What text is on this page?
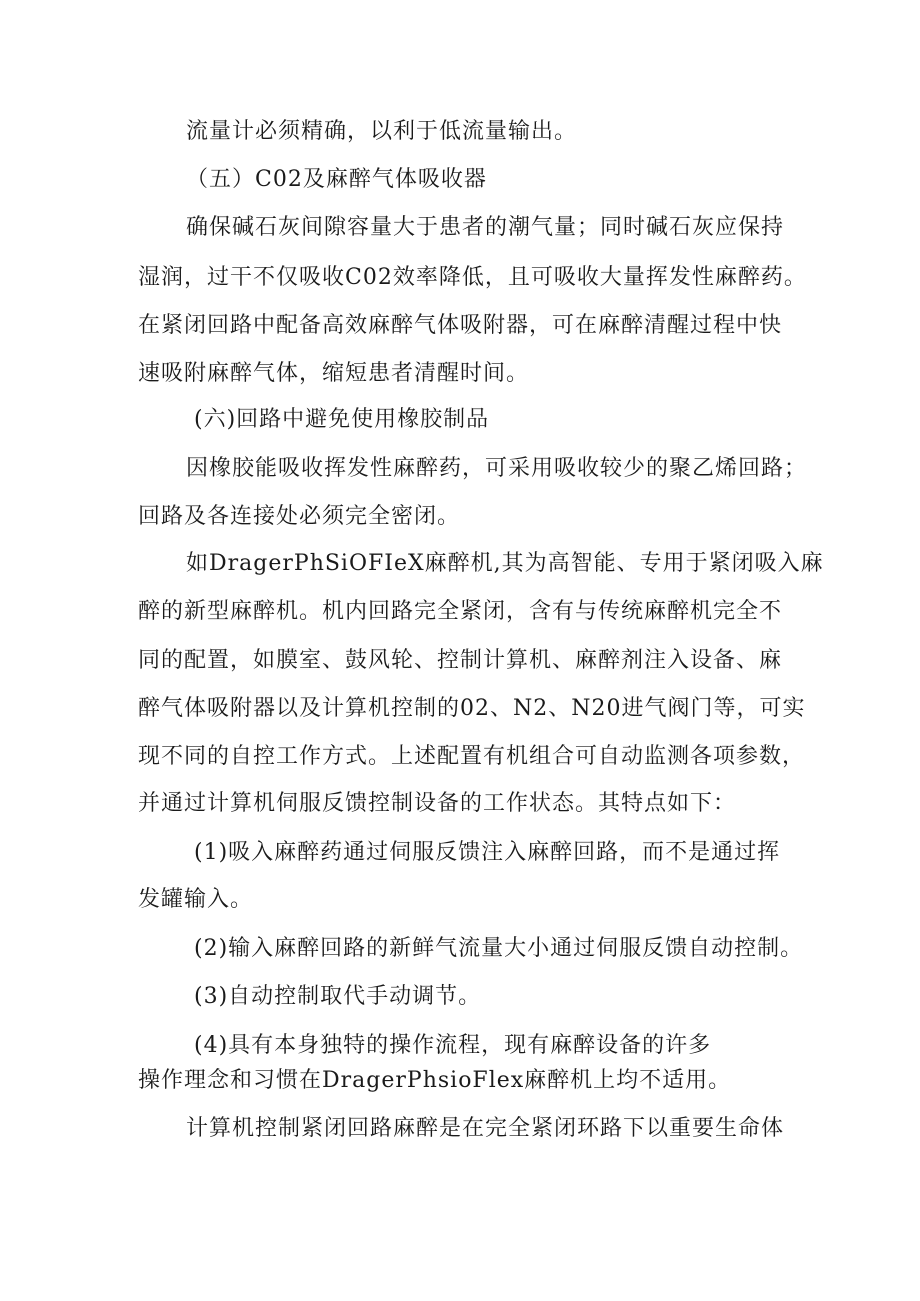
流量计必须精确，以利于低流量输出。
（五）C02及麻醉气体吸收器
确保碱石灰间隙容量大于患者的潮气量；同时碱石灰应保持
湿润，过干不仅吸收C02效率降低，且可吸收大量挥发性麻醉药。
在紧闭回路中配备高效麻醉气体吸附器，可在麻醉清醒过程中快
速吸附麻醉气体，缩短患者清醒时间。
(六)回路中避免使用橡胶制品
因橡胶能吸收挥发性麻醉药，可采用吸收较少的聚乙烯回路；
回路及各连接处必须完全密闭。
如DragerPhSiOFIeX麻醉机,其为高智能、专用于紧闭吸入麻
醉的新型麻醉机。机内回路完全紧闭，含有与传统麻醉机完全不
同的配置，如膜室、鼓风轮、控制计算机、麻醉剂注入设备、麻
醉气体吸附器以及计算机控制的02、N2、N20进气阀门等，可实
现不同的自控工作方式。上述配置有机组合可自动监测各项参数，
并通过计算机伺服反馈控制设备的工作状态。其特点如下：
(1)吸入麻醉药通过伺服反馈注入麻醉回路，而不是通过挥
发罐输入。
(2)输入麻醉回路的新鲜气流量大小通过伺服反馈自动控制。
(3)自动控制取代手动调节。
(4)具有本身独特的操作流程，现有麻醉设备的许多
操作理念和习惯在DragerPhsioFlex麻醉机上均不适用。
计算机控制紧闭回路麻醉是在完全紧闭环路下以重要生命体
